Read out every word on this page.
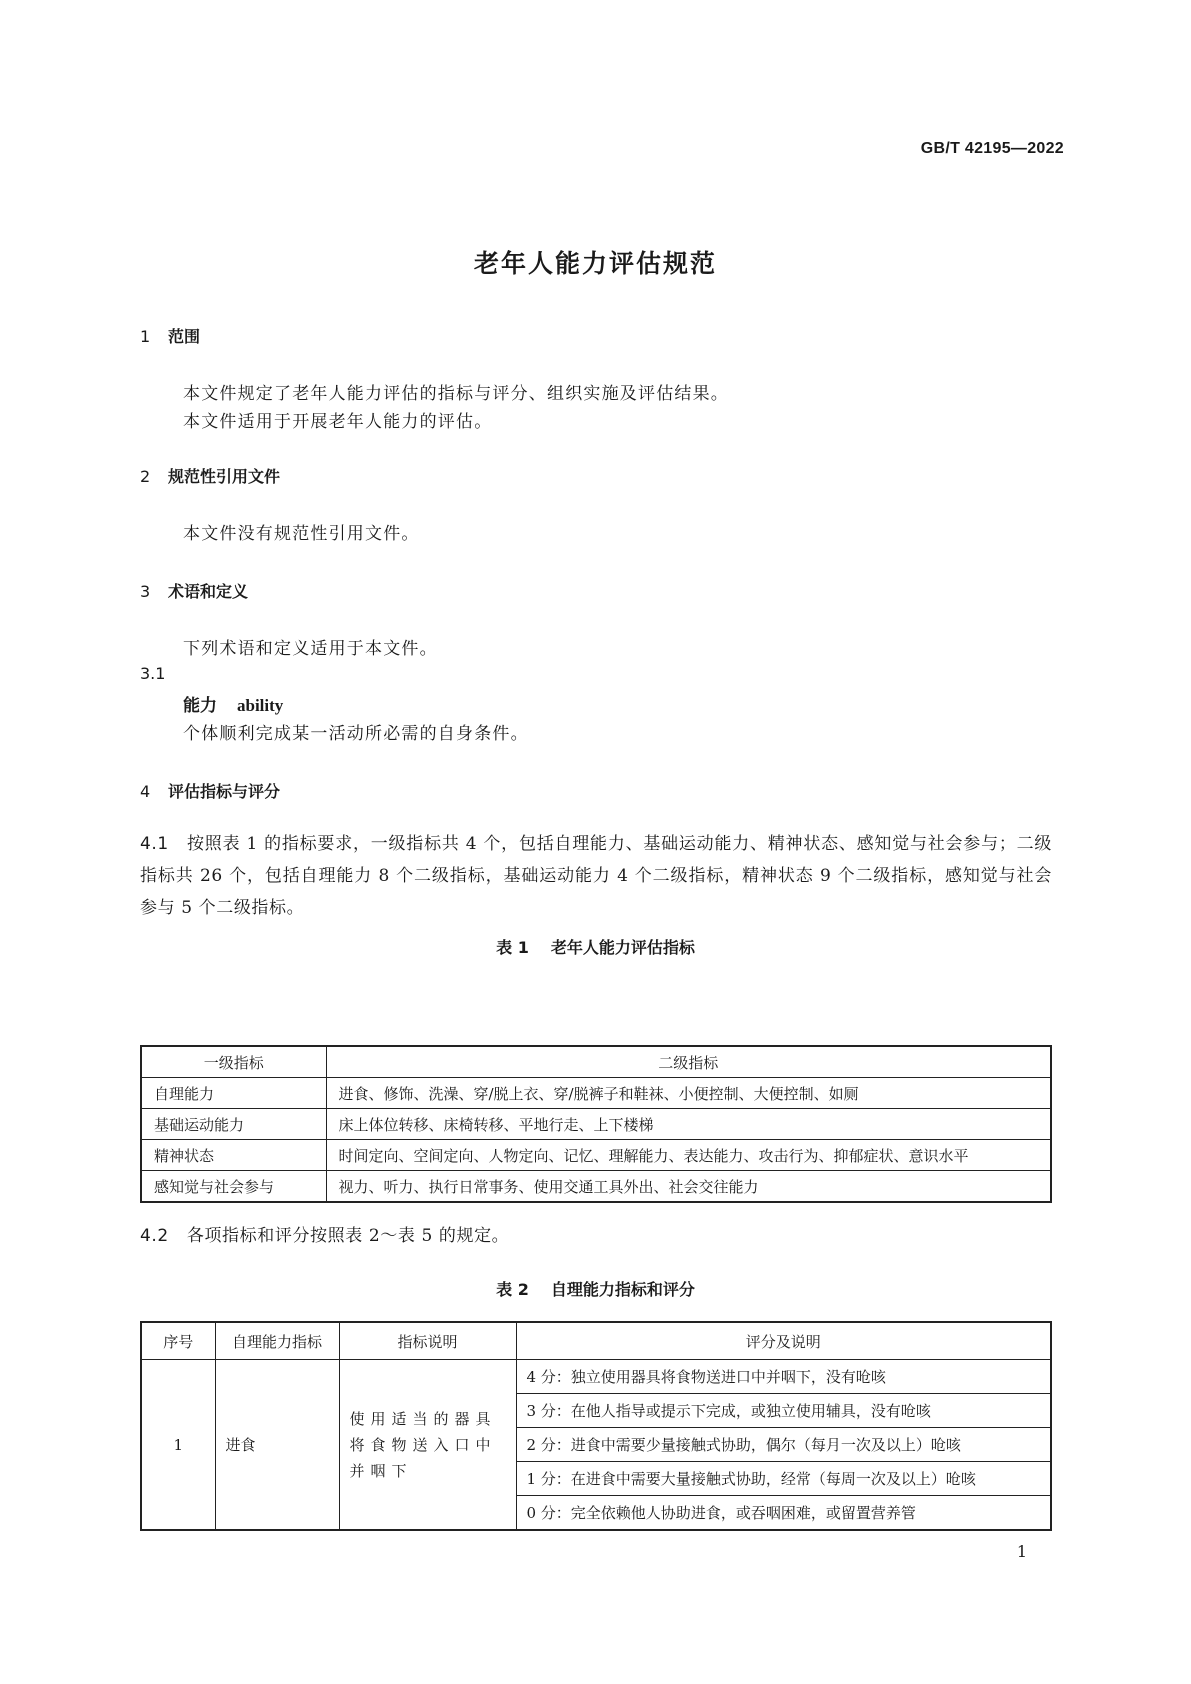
GB/T 42195—2022
老年人能力评估规范
1 范围
本文件规定了老年人能力评估的指标与评分、组织实施及评估结果。
本文件适用于开展老年人能力的评估。
2 规范性引用文件
本文件没有规范性引用文件。
3 术语和定义
下列术语和定义适用于本文件。
3.1
能力 ability
个体顺利完成某一活动所必需的自身条件。
4 评估指标与评分
4.1 按照表 1 的指标要求，一级指标共 4 个，包括自理能力、基础运动能力、精神状态、感知觉与社会参与；二级指标共 26 个，包括自理能力 8 个二级指标，基础运动能力 4 个二级指标，精神状态 9 个二级指标，感知觉与社会参与 5 个二级指标。
表 1 老年人能力评估指标
一级指标	二级指标
自理能力	进食、修饰、洗澡、穿/脱上衣、穿/脱裤子和鞋袜、小便控制、大便控制、如厕
基础运动能力	床上体位转移、床椅转移、平地行走、上下楼梯
精神状态	时间定向、空间定向、人物定向、记忆、理解能力、表达能力、攻击行为、抑郁症状、意识水平
感知觉与社会参与	视力、听力、执行日常事务、使用交通工具外出、社会交往能力
4.2 各项指标和评分按照表 2～表 5 的规定。
表 2 自理能力指标和评分
序号	自理能力指标	指标说明	评分及说明
1	进食	使用适当的器具将食物送入口中并咽下	4 分：独立使用器具将食物送进口中并咽下，没有呛咳
			3 分：在他人指导或提示下完成，或独立使用辅具，没有呛咳
			2 分：进食中需要少量接触式协助，偶尔（每月一次及以上）呛咳
			1 分：在进食中需要大量接触式协助，经常（每周一次及以上）呛咳
			0 分：完全依赖他人协助进食，或吞咽困难，或留置营养管
1
